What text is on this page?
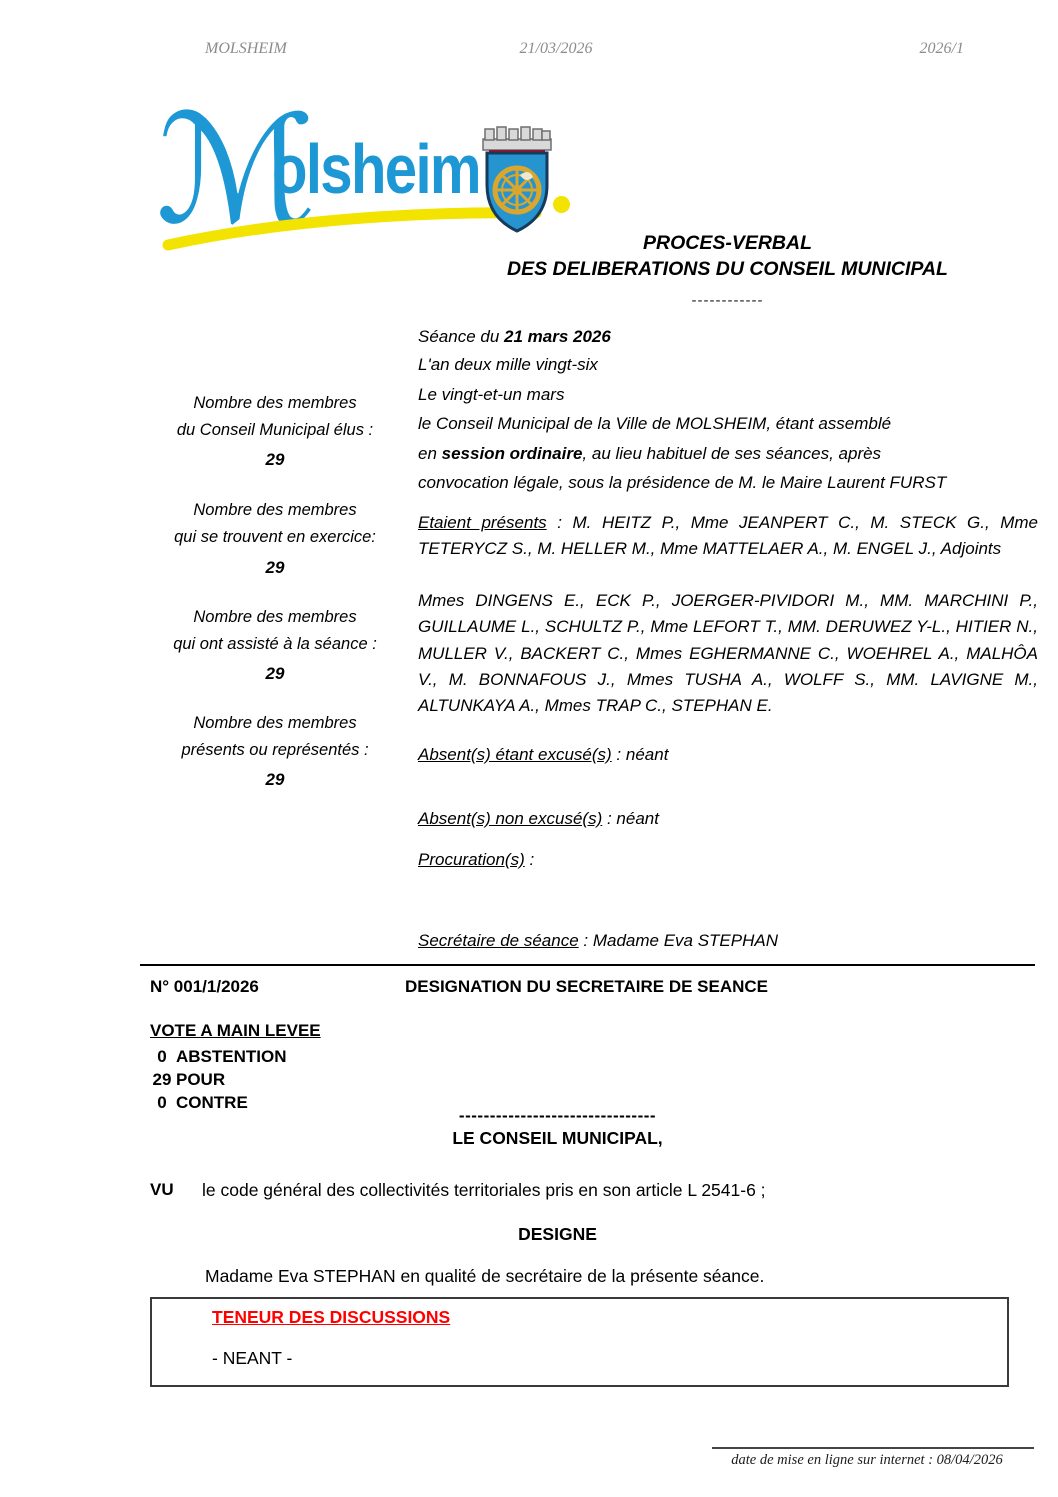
MOLSHEIM	21/03/2026	2026/1
ℳ
olsheim
PROCES-VERBAL
DES DELIBERATIONS DU CONSEIL MUNICIPAL
------------
Nombre des membres
du Conseil Municipal élus :
29
Nombre des membres
qui se trouvent en exercice:
29
Nombre des membres
qui ont assisté à la séance :
29
Nombre des membres
présents ou représentés :
29
Séance du 21 mars 2026
L'an deux mille vingt-six
Le vingt-et-un mars
le Conseil Municipal de la Ville de MOLSHEIM, étant assemblé
en session ordinaire, au lieu habituel de ses séances, après
convocation légale, sous la présidence de M. le Maire Laurent FURST
Etaient présents : M. HEITZ P., Mme JEANPERT C., M. STECK G., Mme TETERYCZ S., M. HELLER M., Mme MATTELAER A., M. ENGEL J., Adjoints
Mmes DINGENS E., ECK P., JOERGER-PIVIDORI M., MM. MARCHINI P., GUILLAUME L., SCHULTZ P., Mme LEFORT T., MM. DERUWEZ Y-L., HITIER N., MULLER V., BACKERT C., Mmes EGHERMANNE C., WOEHREL A., MALHÔA V., M. BONNAFOUS J., Mmes TUSHA A., WOLFF S., MM. LAVIGNE M., ALTUNKAYA A., Mmes TRAP C., STEPHAN E.
Absent(s) étant excusé(s) : néant
Absent(s) non excusé(s) : néant
Procuration(s) :
Secrétaire de séance : Madame Eva STEPHAN
N° 001/1/2026	DESIGNATION DU SECRETAIRE DE SEANCE
VOTE A MAIN LEVEE
0 ABSTENTION
29 POUR
0 CONTRE
--------------------------------
LE CONSEIL MUNICIPAL,
VU le code général des collectivités territoriales pris en son article L 2541-6 ;
DESIGNE
Madame Eva STEPHAN en qualité de secrétaire de la présente séance.
TENEUR DES DISCUSSIONS
- NEANT -
date de mise en ligne sur internet : 08/04/2026
